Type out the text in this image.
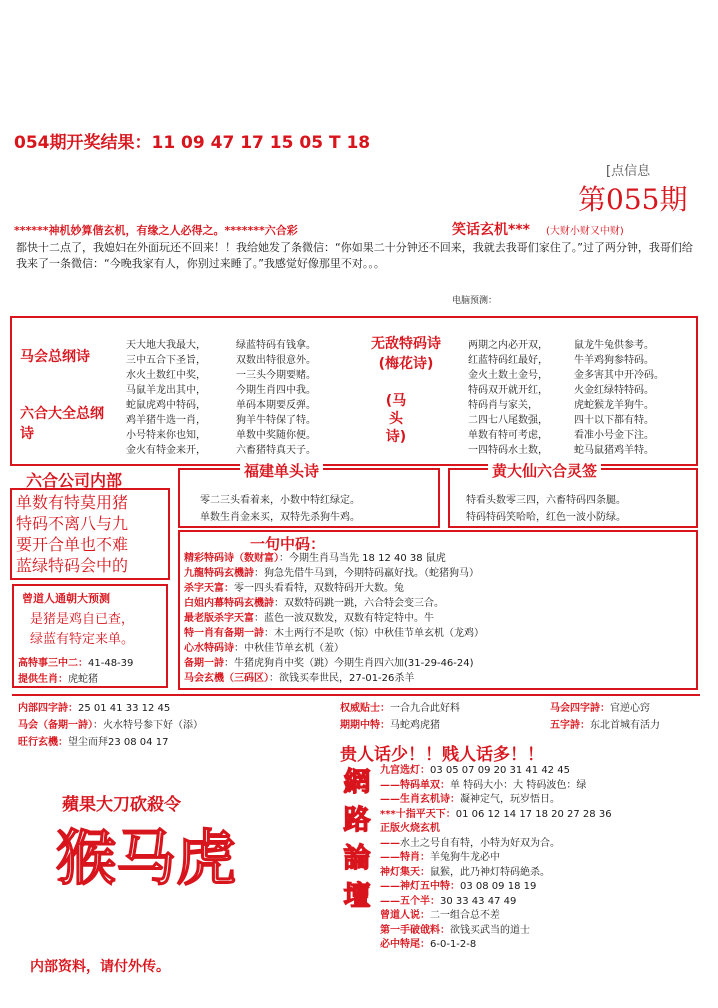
054期开奖结果：11 09 47 17 15 05 T 18
[点信息
第055期
******神机妙算偕玄机，有缘之人必得之。*******六合彩	笑话玄机*** (大财小财又中财)
都快十二点了，我媳妇在外面玩还不回来！！我给她发了条微信：“你如果二十分钟还不回来，我就去我哥们家住了。”过了两分钟，我哥们给我来了一条微信：“今晚我家有人，你别过来睡了。”我感觉好像那里不对。。。
电脑预测：
马会总纲诗
六合大全总纲诗
天大地大我最大，
三中五合下圣旨，
水火土数红中奖，
马鼠羊龙出其中，
蛇鼠虎鸡中特码，
鸡羊猪牛选一肖，
小号特来你也知，
金火有特金来开，
绿蓝特码有钱拿。
双数出特很意外。
一三头今期要赌。
今期生肖四中我。
单码本期要反弹。
狗羊牛特保了特。
单数中奖随你便。
六畜猪特真天子。
无敌特码诗
(梅花诗)
(马
头
诗)
两期之内必开双，
红蓝特码红最好，
金火土数土金号，
特码双开就开红，
特码肖与家关，
二四七八尾数强，
单数有特可考虑，
一四特码水土数，
鼠龙牛兔供参考。
牛羊鸡狗参特码。
金多害其中开冷码。
火金红绿特特码。
虎蛇猴龙羊狗牛。
四十以下都有特。
看准小号金下注。
蛇马鼠猪鸡羊特。
六合公司内部
单数有特莫用猪
特码不离八与九
要开合单也不难
蓝绿特码会中的
福建单头诗
零二三头看着来，小数中特红绿定。
单数生肖金来买，双特先杀狗牛鸡。
黄大仙六合灵签
特看头数零三四，六畜特码四条腿。
特码特码笑哈哈，红色一波小防绿。
一句中码：
精彩特码诗（数财富）：今期生肖马当先 18 12 40 38 鼠虎
九龍特码玄機詩：狗急先借牛马到，今期特码羸好找。（蛇猪狗马）
杀字天富：零一四头看看特，双数特码开大数。兔
白姐内幕特码玄機詩：双数特码跳一跳，六合特会变三合。
最老版杀字天富：蓝色一波双数发，双数有特定特中。牛
特一肖有备期一詩：木土两行不是吹（惊）中秋佳节单玄机（龙鸡）
心水特码诗：中秋佳节单玄机（羞）
备期一詩：牛猪虎狗肖中奖（跳）今期生肖四六加(31-29-46-24)
马会玄機（三码区）：欲钱买奉世民，27-01-26杀羊
曾道人通朝大预测
是猪是鸡自已查，
绿蓝有特定来单。
高特事三中二：41-48-39
提供生肖：虎蛇猪
内部四字詩：25 01 41 33 12 45
马会（备期一詩）：火水特号参下好（添）
旺行玄機：望尘而拜23 08 04 17
权威贴士：一合九合此好料
期期中特：马蛇鸡虎猪
马会四字詩：官逆心窍
五字詩：东北首城有活力
贵人话少！！贱人话多！！
蘋果大刀砍殺令
猴马虎
網
路
論
壇
九宫选灯：03 05 07 09 20 31 41 42 45
——特码单双：单 特码大小：大 特码波色：绿
——生肖玄机诗：凝神定气，玩岁悟日。
***十指平天下：01 06 12 14 17 18 20 27 28 36
正版火烧玄机
——水土之号自有特，小特为好双为合。
——特肖：羊兔狗牛龙必中
神灯集天：鼠猴，此乃神灯特码絶杀。
——神灯五中特：03 08 09 18 19
——五个半：30 33 43 47 49
曾道人说：二一组合总不差
第一手破戗料：欲钱买武当的道士
必中特尾：6-0-1-2-8
内部资料，请付外传。
